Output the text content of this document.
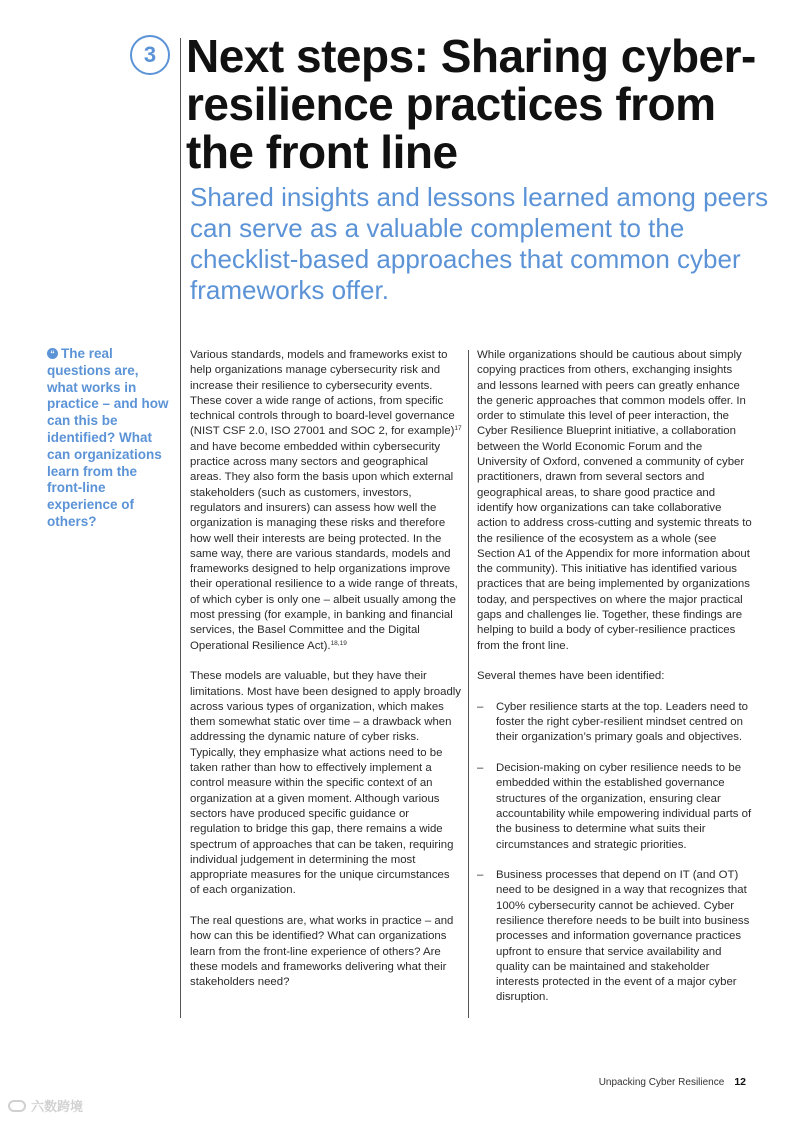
3 Next steps: Sharing cyber-resilience practices from the front line
Shared insights and lessons learned among peers can serve as a valuable complement to the checklist-based approaches that common cyber frameworks offer.
“ The real questions are, what works in practice – and how can this be identified? What can organizations learn from the front-line experience of others?

Various standards, models and frameworks exist to help organizations manage cybersecurity risk and increase their resilience to cybersecurity events. These cover a wide range of actions, from specific technical controls through to board-level governance (NIST CSF 2.0, ISO 27001 and SOC 2, for example)$^{17}$ and have become embedded within cybersecurity practice across many sectors and geographical areas. They also form the basis upon which external stakeholders (such as customers, investors, regulators and insurers) can assess how well the organization is managing these risks and therefore how well their interests are being protected. In the same way, there are various standards, models and frameworks designed to help organizations improve their operational resilience to a wide range of threats, of which cyber is only one – albeit usually among the most pressing (for example, in banking and financial services, the Basel Committee and the Digital Operational Resilience Act).$^{18,19}$

These models are valuable, but they have their limitations. Most have been designed to apply broadly across various types of organization, which makes them somewhat static over time – a drawback when addressing the dynamic nature of cyber risks. Typically, they emphasize what actions need to be taken rather than how to effectively implement a control measure within the specific context of an organization at a given moment. Although various sectors have produced specific guidance or regulation to bridge this gap, there remains a wide spectrum of approaches that can be taken, requiring individual judgement in determining the most appropriate measures for the unique circumstances of each organization.

The real questions are, what works in practice – and how can this be identified? What can organizations learn from the front-line experience of others? Are these models and frameworks delivering what their stakeholders need?

While organizations should be cautious about simply copying practices from others, exchanging insights and lessons learned with peers can greatly enhance the generic approaches that common models offer. In order to stimulate this level of peer interaction, the Cyber Resilience Blueprint initiative, a collaboration between the World Economic Forum and the University of Oxford, convened a community of cyber practitioners, drawn from several sectors and geographical areas, to share good practice and identify how organizations can take collaborative action to address cross-cutting and systemic threats to the resilience of the ecosystem as a whole (see Section A1 of the Appendix for more information about the community). This initiative has identified various practices that are being implemented by organizations today, and perspectives on where the major practical gaps and challenges lie. Together, these findings are helping to build a body of cyber-resilience practices from the front line.

Several themes have been identified:

– Cyber resilience starts at the top. Leaders need to foster the right cyber-resilient mindset centred on their organization’s primary goals and objectives.
– Decision-making on cyber resilience needs to be embedded within the established governance structures of the organization, ensuring clear accountability while empowering individual parts of the business to determine what suits their circumstances and strategic priorities.
– Business processes that depend on IT (and OT) need to be designed in a way that recognizes that 100% cybersecurity cannot be achieved. Cyber resilience therefore needs to be built into business processes and information governance practices upfront to ensure that service availability and quality can be maintained and stakeholder interests protected in the event of a major cyber disruption.
Unpacking Cyber Resilience 12
六数跨境
